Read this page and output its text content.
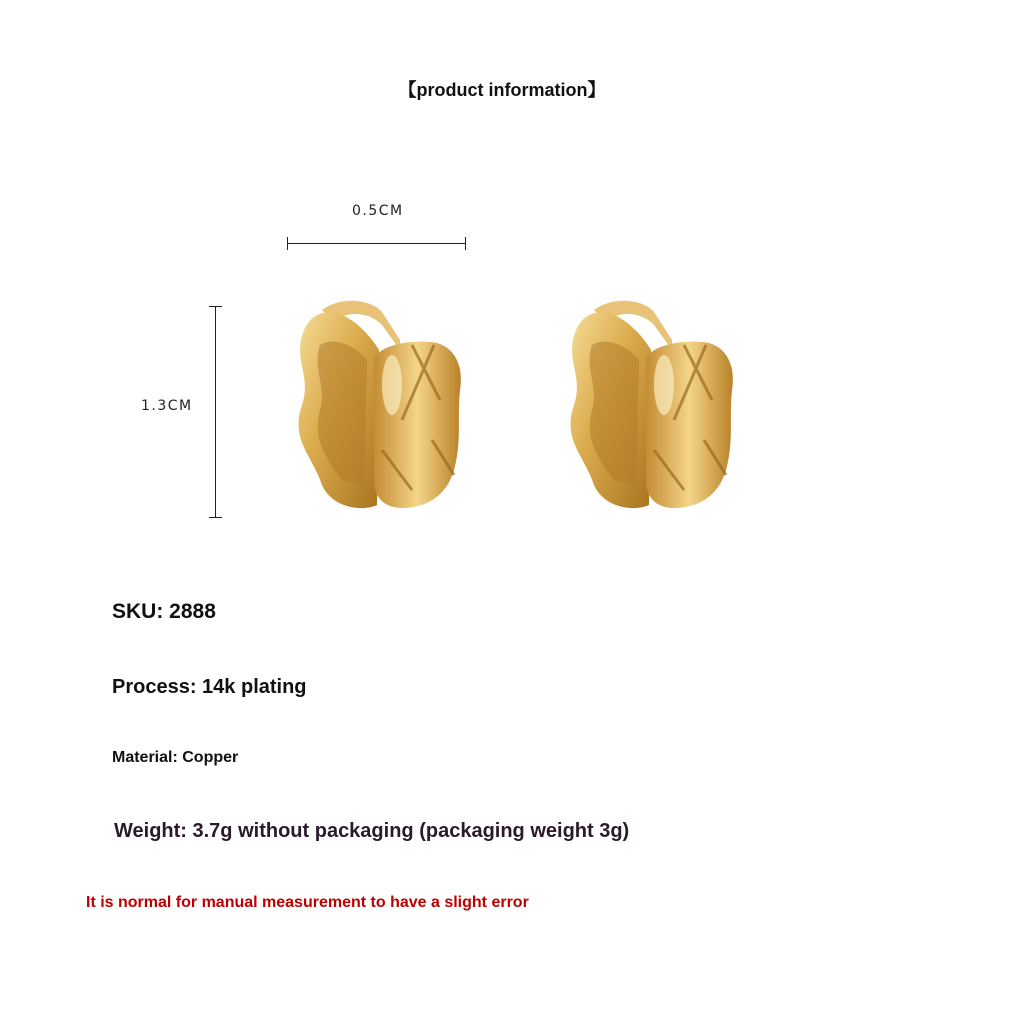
【product information】
0.5CM
1.3CM
SKU: 2888
Process: 14k plating
Material: Copper
Weight: 3.7g without packaging (packaging weight 3g)
It is normal for manual measurement to have a slight error
